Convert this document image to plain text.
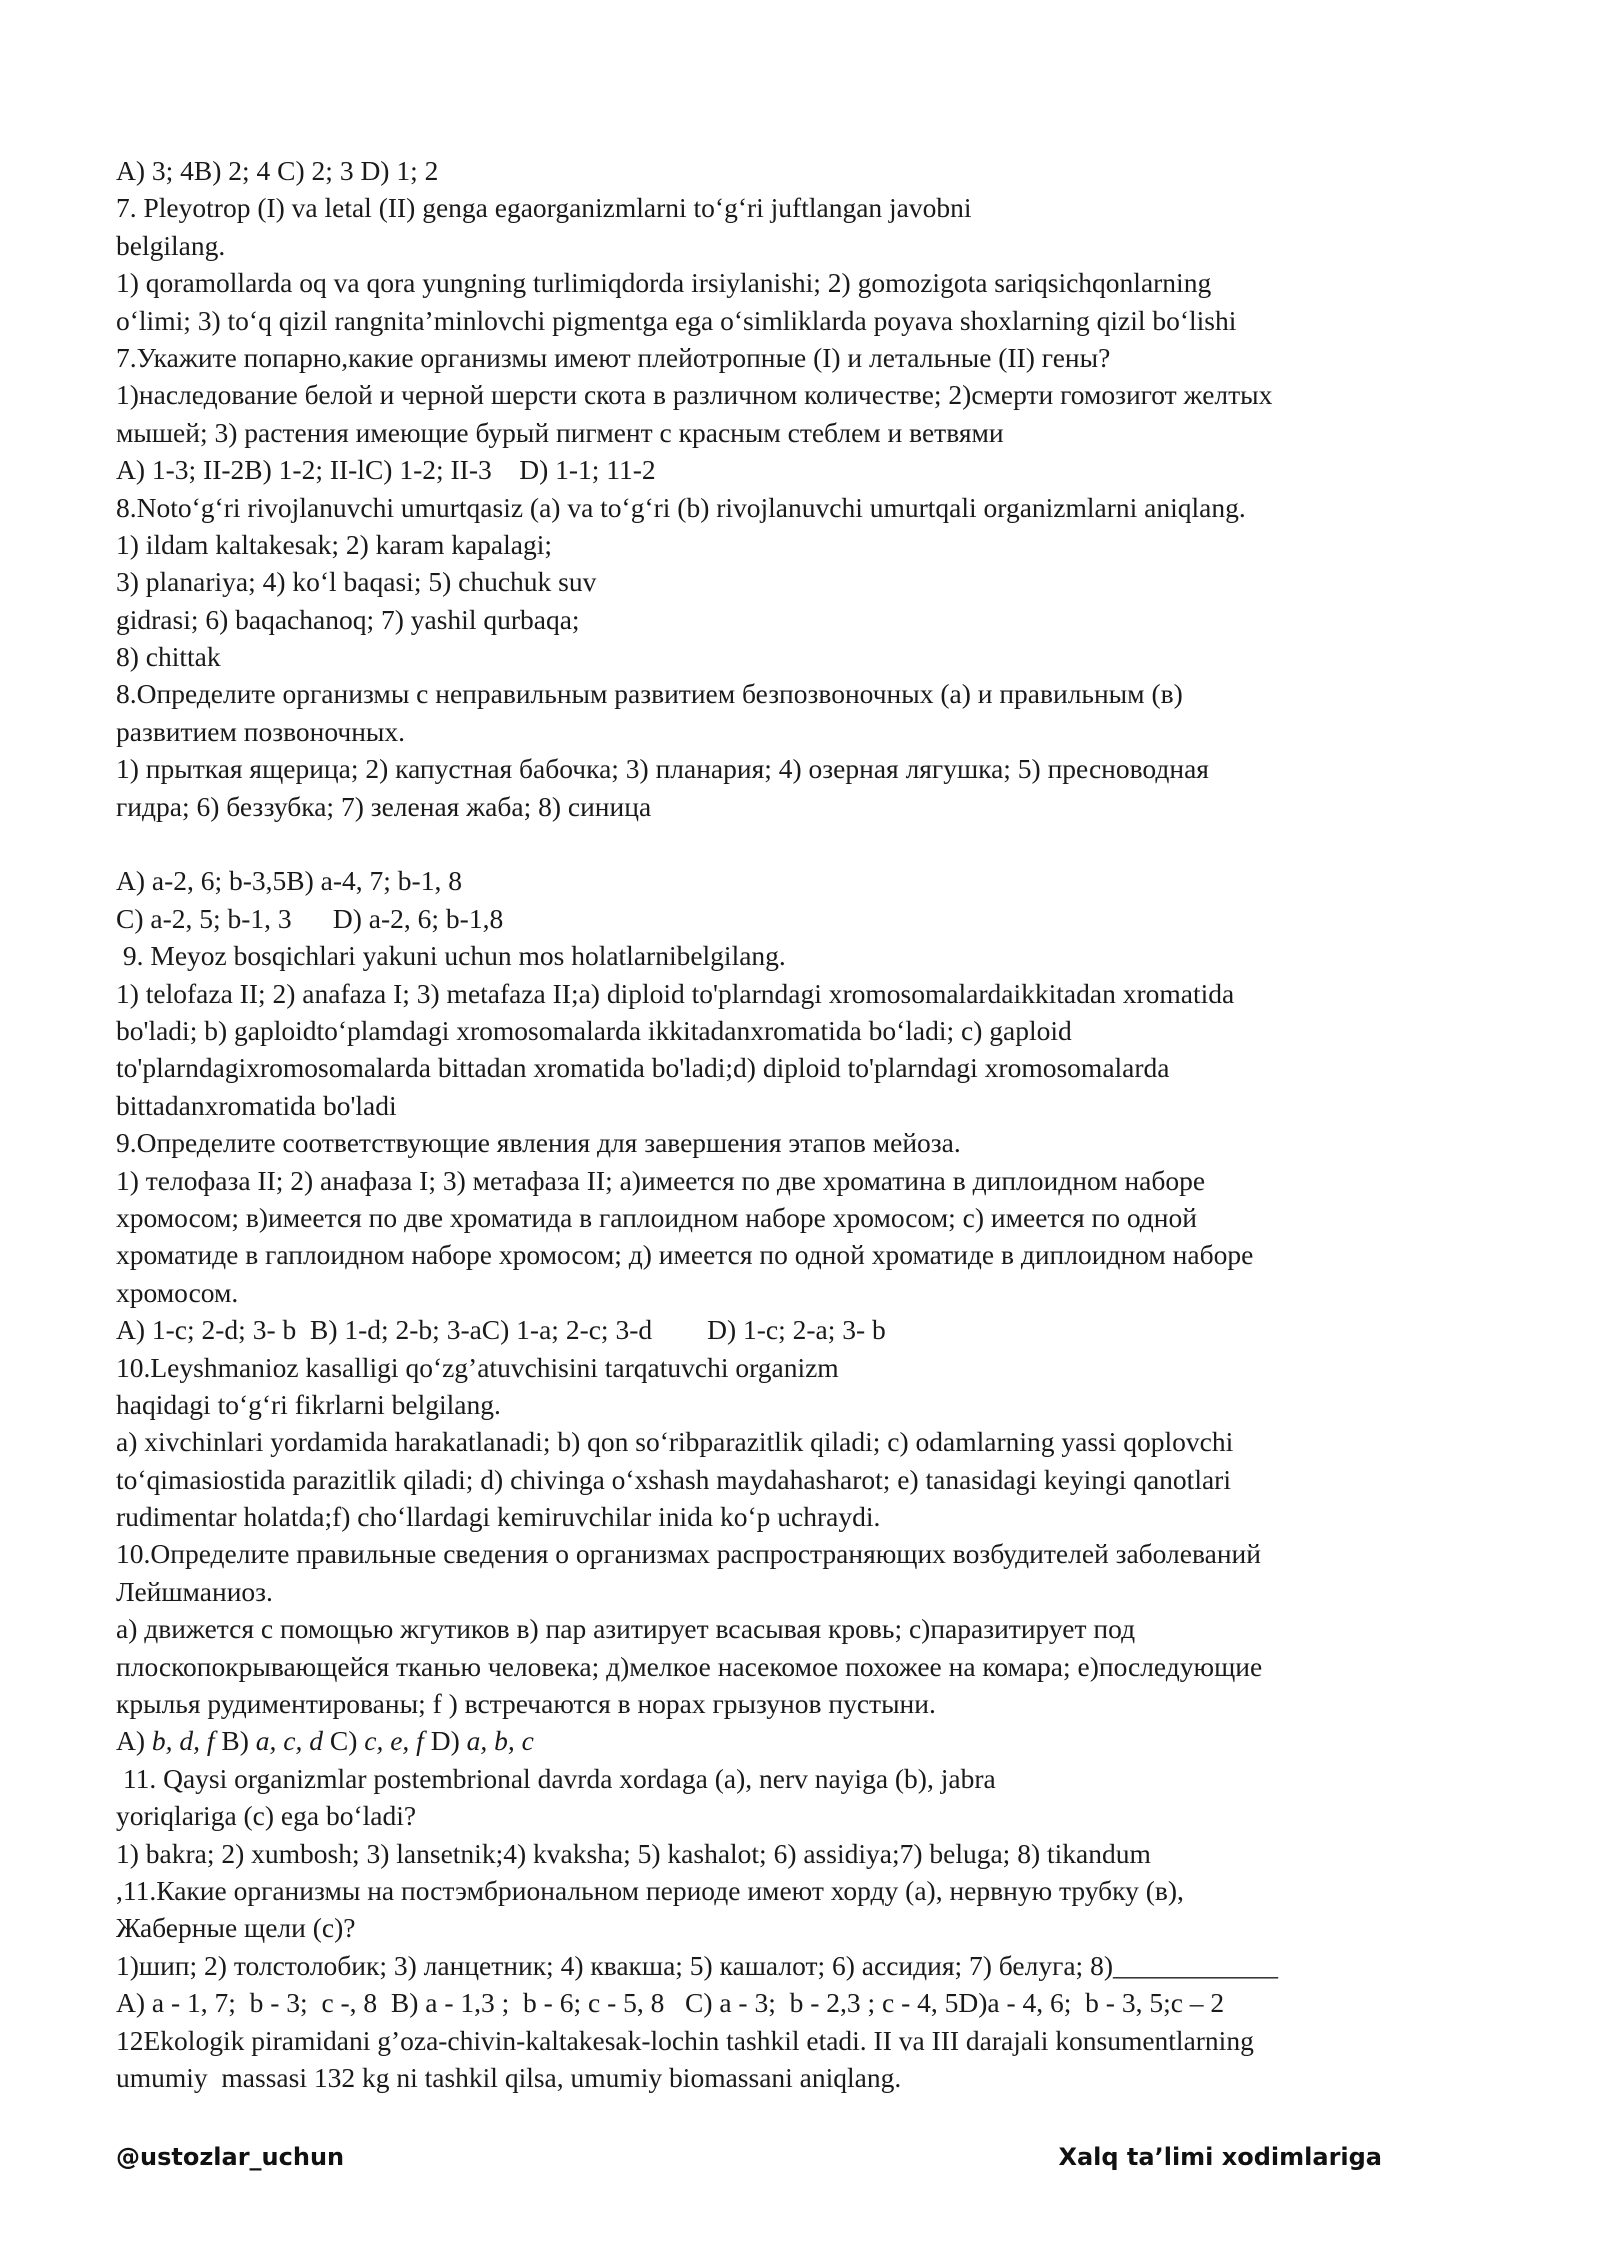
A) 3; 4B) 2; 4 C) 2; 3 D) 1; 2
7. Pleyotrop (I) va letal (II) genga egaorganizmlarni to‘g‘ri juftlangan javobni
belgilang.
1) qoramollarda oq va qora yungning turlimiqdorda irsiylanishi; 2) gomozigota sariqsichqonlarning
o‘limi; 3) to‘q qizil rangnita’minlovchi pigmentga ega o‘simliklarda poyava shoxlarning qizil bo‘lishi
7.Укажите попарно,какие организмы имеют плейотропные (I) и летальные (II) гены?
1)наследование белой и черной шерсти скота в различном количестве; 2)смерти гомозигот желтых
мышей; 3) растения имеющие бурый пигмент с красным стеблем и ветвями
A) 1-3; II-2B) 1-2; II-lC) 1-2; II-3    D) 1-1; 11-2
8.Noto‘g‘ri rivojlanuvchi umurtqasiz (a) va to‘g‘ri (b) rivojlanuvchi umurtqali organizmlarni aniqlang.
1) ildam kaltakesak; 2) karam kapalagi;
3) planariya; 4) ko‘l baqasi; 5) chuchuk suv
gidrasi; 6) baqachanoq; 7) yashil qurbaqa;
8) chittak
8.Определите организмы с неправильным развитием безпозвоночных (а) и правильным (в)
развитием позвоночных.
1) прыткая ящерица; 2) капустная бабочка; 3) планария; 4) озерная лягушка; 5) пресноводная
гидра; 6) беззубка; 7) зеленая жаба; 8) синица
A) a-2, 6; b-3,5B) a-4, 7; b-1, 8
C) a-2, 5; b-1, 3      D) a-2, 6; b-1,8
9. Meyoz bosqichlari yakuni uchun mos holatlarnibelgilang.
1) telofaza II; 2) anafaza I; 3) metafaza II;a) diploid to'plarndagi xromosomalardaikkitadan xromatida
bo'ladi; b) gaploidto‘plamdagi xromosomalarda ikkitadanxromatida bo‘ladi; c) gaploid
to'plarndagixromosomalarda bittadan xromatida bo'ladi;d) diploid to'plarndagi xromosomalarda
bittadanxromatida bo'ladi
9.Определите соответствующие явления для завершения этапов мейоза.
1) телофаза II; 2) анафаза I; 3) метафаза II; а)имеется по две хроматина в диплоидном наборе
хромосом; в)имеется по две хроматида в гаплоидном наборе хромосом; с) имеется по одной
хроматиде в гаплоидном наборе хромосом; д) имеется по одной хроматиде в диплоидном наборе
хромосом.
A) 1-c; 2-d; 3- b  B) 1-d; 2-b; 3-aC) 1-a; 2-c; 3-d        D) 1-c; 2-a; 3- b
10.Leyshmanioz kasalligi qo‘zg’atuvchisini tarqatuvchi organizm
haqidagi to‘g‘ri fikrlarni belgilang.
a) xivchinlari yordamida harakatlanadi; b) qon so‘ribparazitlik qiladi; c) odamlarning yassi qoplovchi
to‘qimasiostida parazitlik qiladi; d) chivinga o‘xshash maydahasharot; e) tanasidagi keyingi qanotlari
rudimentar holatda;f) cho‘llardagi kemiruvchilar inida ko‘p uchraydi.
10.Определите правильные сведения о организмах распространяющих возбудителей заболеваний
Лейшманиоз.
а) движется с помощью жгутиков в) пар азитирует всасывая кровь; с)паразитирует под
плоскопокрывающейся тканью человека; д)мелкое насекомое похожее на комара; е)последующие
крылья рудиментированы; f ) встречаются в норах грызунов пустыни.
A) b, d, f B) a, c, d C) c, e, f D) a, b, c
11. Qaysi organizmlar postembrional davrda xordaga (a), nerv nayiga (b), jabra
yoriqlariga (c) ega bo‘ladi?
1) bakra; 2) xumbosh; 3) lansetnik;4) kvaksha; 5) kashalot; 6) assidiya;7) beluga; 8) tikandum
,11.Какие организмы на постэмбриональном периоде имеют хорду (а), нервную трубку (в),
Жаберные щели (с)?
1)шип; 2) толстолобик; 3) ланцетник; 4) квакша; 5) кашалот; 6) ассидия; 7) белуга; 8)____________
A) a - 1, 7;  b - 3;  c -, 8  B) a - 1,3 ;  b - 6; c - 5, 8   C) a - 3;  b - 2,3 ; c - 4, 5D)a - 4, 6;  b - 3, 5;c – 2
12Ekologik piramidani g’oza-chivin-kaltakesak-lochin tashkil etadi. II va III darajali konsumentlarning
umumiy  massasi 132 kg ni tashkil qilsa, umumiy biomassani aniqlang.
@ustozlar_uchun	Xalq ta’limi xodimlariga
